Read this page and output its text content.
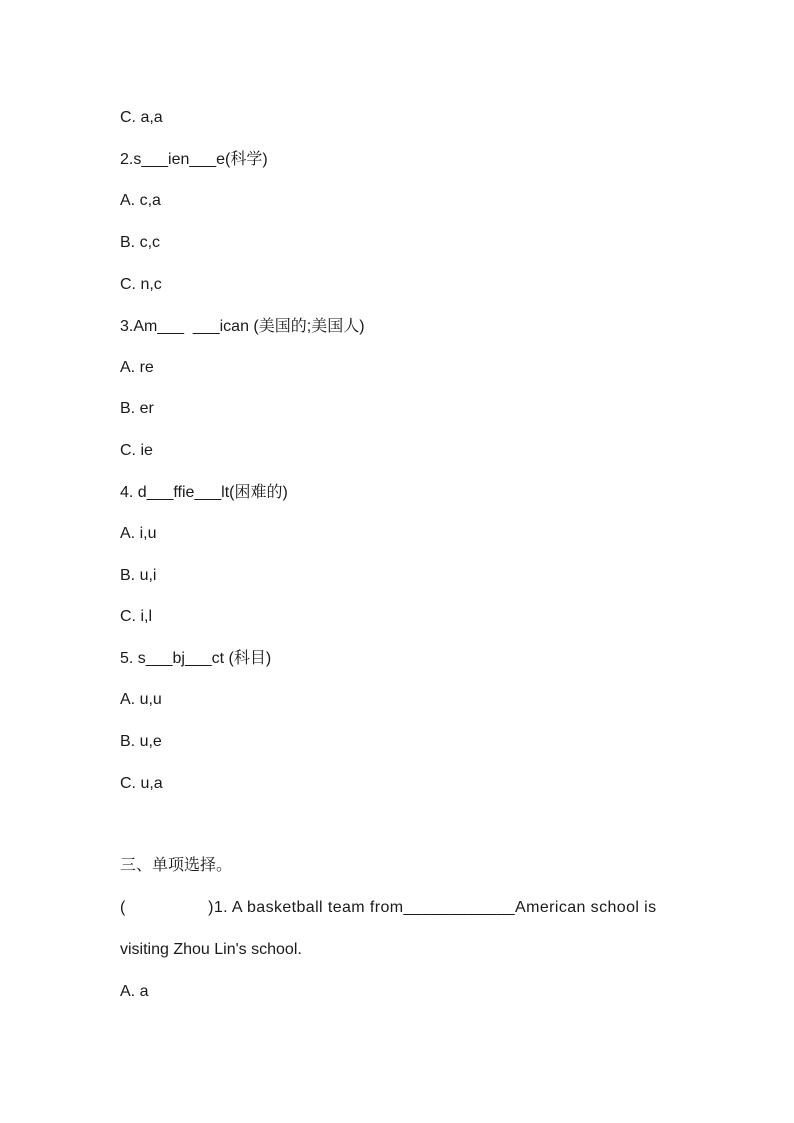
C. a,a
2.s___ien___e(科学)
A. c,a
B. c,c
C. n,c
3.Am___  ___ican (美国的;美国人)
A. re
B. er
C. ie
4. d___ffie___lt(困难的)
A. i,u
B. u,i
C. i,l
5. s___bj___ct (科目)
A. u,u
B. u,e
C. u,a
三、单项选择。
(                 )1. A basketball team from____________American school is
visiting Zhou Lin's school.
A. a
